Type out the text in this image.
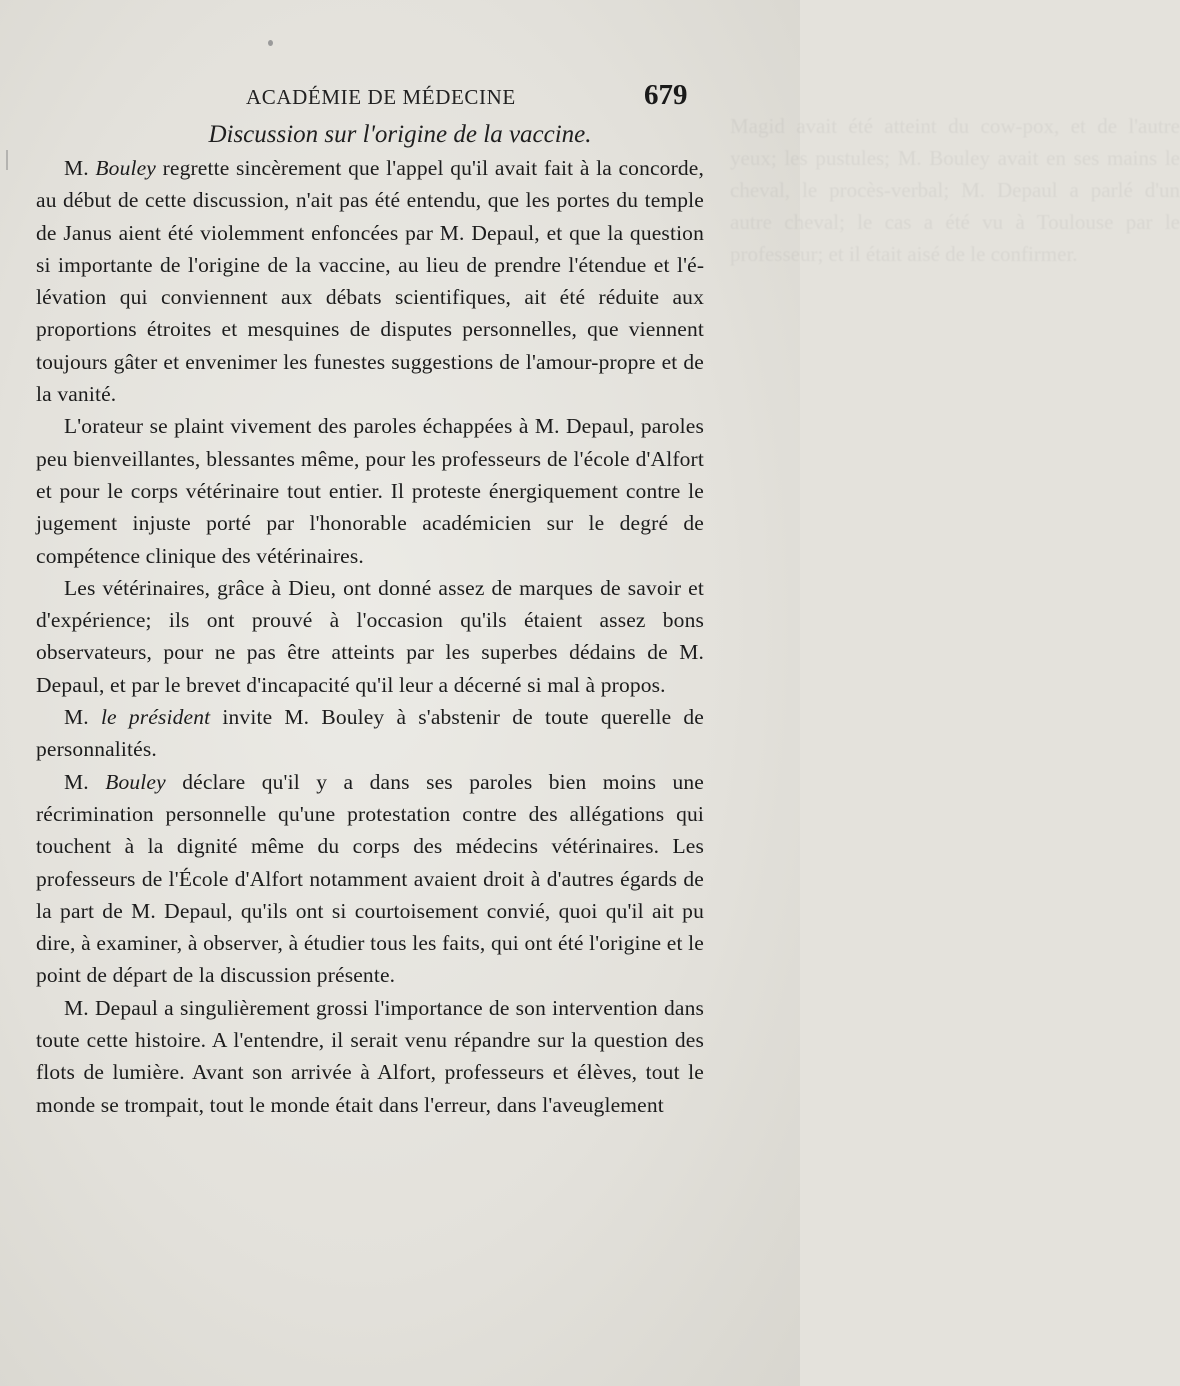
Magid avait été atteint du cow-pox, et de l'autre yeux; les pustules; M. Bouley avait en ses mains le cheval, le procès-verbal; M. Depaul a parlé d'un autre cheval; le cas a été vu à Toulouse par le professeur; et il était aisé de le confirmer.
ACADÉMIE DE MÉDECINE	679
Discussion sur l'origine de la vaccine.

M. Bouley regrette sincèrement que l'appel qu'il avait fait à la concorde, au début de cette discussion, n'ait pas été entendu, que les portes du temple de Janus aient été violemment enfoncées par M. Depaul, et que la question si importante de l'origine de la vaccine, au lieu de prendre l'étendue et l'élévation qui conviennent aux débats scientifiques, ait été réduite aux proportions étroites et mesquines de disputes personnelles, que viennent toujours gâter et envenimer les funestes suggestions de l'amour-propre et de la vanité.

L'orateur se plaint vivement des paroles échappées à M. Depaul, paroles peu bienveillantes, blessantes même, pour les professeurs de l'école d'Alfort et pour le corps vétérinaire tout entier. Il proteste énergiquement contre le jugement injuste porté par l'honorable académicien sur le degré de compétence clinique des vétérinaires.

Les vétérinaires, grâce à Dieu, ont donné assez de marques de savoir et d'expérience; ils ont prouvé à l'occasion qu'ils étaient assez bons observateurs, pour ne pas être atteints par les superbes dédains de M. Depaul, et par le brevet d'incapacité qu'il leur a décerné si mal à propos.

M. le président invite M. Bouley à s'abstenir de toute querelle de personnalités.

M. Bouley déclare qu'il y a dans ses paroles bien moins une récrimination personnelle qu'une protestation contre des allégations qui touchent à la dignité même du corps des médecins vétérinaires. Les professeurs de l'École d'Alfort notamment avaient droit à d'autres égards de la part de M. Depaul, qu'ils ont si courtoisement convié, quoi qu'il ait pu dire, à examiner, à observer, à étudier tous les faits, qui ont été l'origine et le point de départ de la discussion présente.

M. Depaul a singulièrement grossi l'importance de son intervention dans toute cette histoire. A l'entendre, il serait venu répandre sur la question des flots de lumière. Avant son arrivée à Alfort, professeurs et élèves, tout le monde se trompait, tout le monde était dans l'erreur, dans l'aveuglement
